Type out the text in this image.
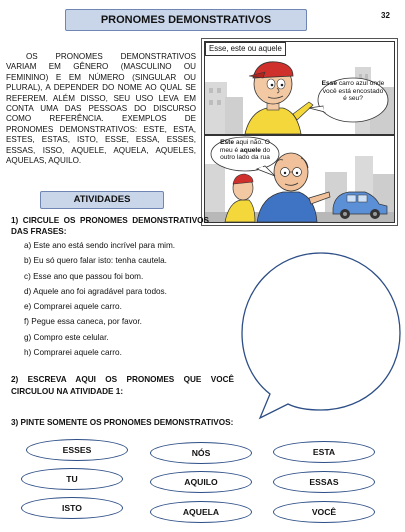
PRONOMES DEMONSTRATIVOS	32

OS PRONOMES DEMONSTRATIVOS VARIAM EM GÊNERO (MASCULINO OU FEMININO) E EM NÚMERO (SINGULAR OU PLURAL), A DEPENDER DO NOME AO QUAL SE REFEREM. ALÉM DISSO, SEU USO LEVA EM CONTA UMA DAS PESSOAS DO DISCURSO COMO REFERÊNCIA. EXEMPLOS DE PRONOMES DEMONSTRATIVOS: ESTE, ESTA, ESTES, ESTAS, ISTO, ESSE, ESSA, ESSES, ESSAS, ISSO, AQUELE, AQUELA, AQUELES, AQUELAS, AQUILO.

Esse, este ou aquele
Esse carro azul onde você está encostado é seu?
Este aqui não. O meu é aquele do outro lado da rua
ATIVIDADES
1) CIRCULE OS PRONOMES DEMONSTRATIVOS DAS FRASES:
a) Este ano está sendo incrível para mim.
b) Eu só quero falar isto: tenha cautela.
c) Esse ano que passou foi bom.
d) Aquele ano foi agradável para todos.
e) Comprarei aquele carro.
f) Pegue essa caneca, por favor.
g) Compro este celular.
h) Comprarei aquele carro.
2) ESCREVA AQUI OS PRONOMES QUE VOCÊ CIRCULOU NA ATIVIDADE 1:
3) PINTE SOMENTE OS PRONOMES DEMONSTRATIVOS:
ESSES	NÓS	ESTA
TU	AQUILO	ESSAS
ISTO	AQUELA	VOCÊ
